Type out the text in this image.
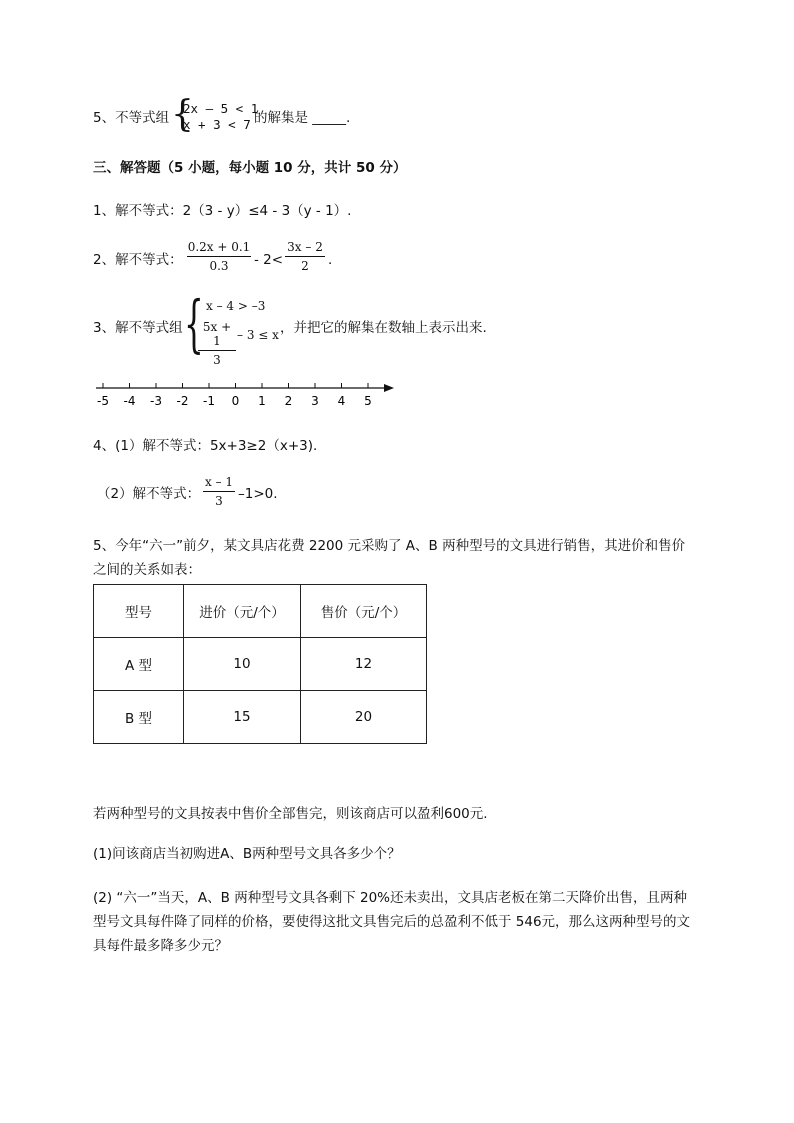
5、不等式组 {
2x – 5 < 1
x + 3 < 7 的解集是 _____.
三、解答题（5 小题，每小题 10 分，共计 50 分）
1、解不等式：2（3 - y）≤4 - 3（y - 1）.
2、解不等式：
0.2x + 0.1
0.3	- 2<
3x – 2
2	.
3、解不等式组 { x – 4 > –3
5x + 1
3
– 3 ≤ x ，并把它的解集在数轴上表示出来.
-5 -4 -3 -2 -1 0 1 2 3 4 5
4、(1）解不等式：5x+3≥2（x+3).
（2）解不等式：
x – 1
3	–1>0.
5、今年“六一”前夕，某文具店花费 2200 元采购了 A、B 两种型号的文具进行销售，其进价和售价
之间的关系如表：
型号	进价（元/个）	售价（元/个）
A 型	10	12
B 型	15	20
若两种型号的文具按表中售价全部售完，则该商店可以盈利600元.
(1)问该商店当初购进A、B两种型号文具各多少个？
(2) “六一”当天，A、B 两种型号文具各剩下 20%还未卖出，文具店老板在第二天降价出售，且两种
型号文具每件降了同样的价格，要使得这批文具售完后的总盈利不低于 546元，那么这两种型号的文
具每件最多降多少元？
